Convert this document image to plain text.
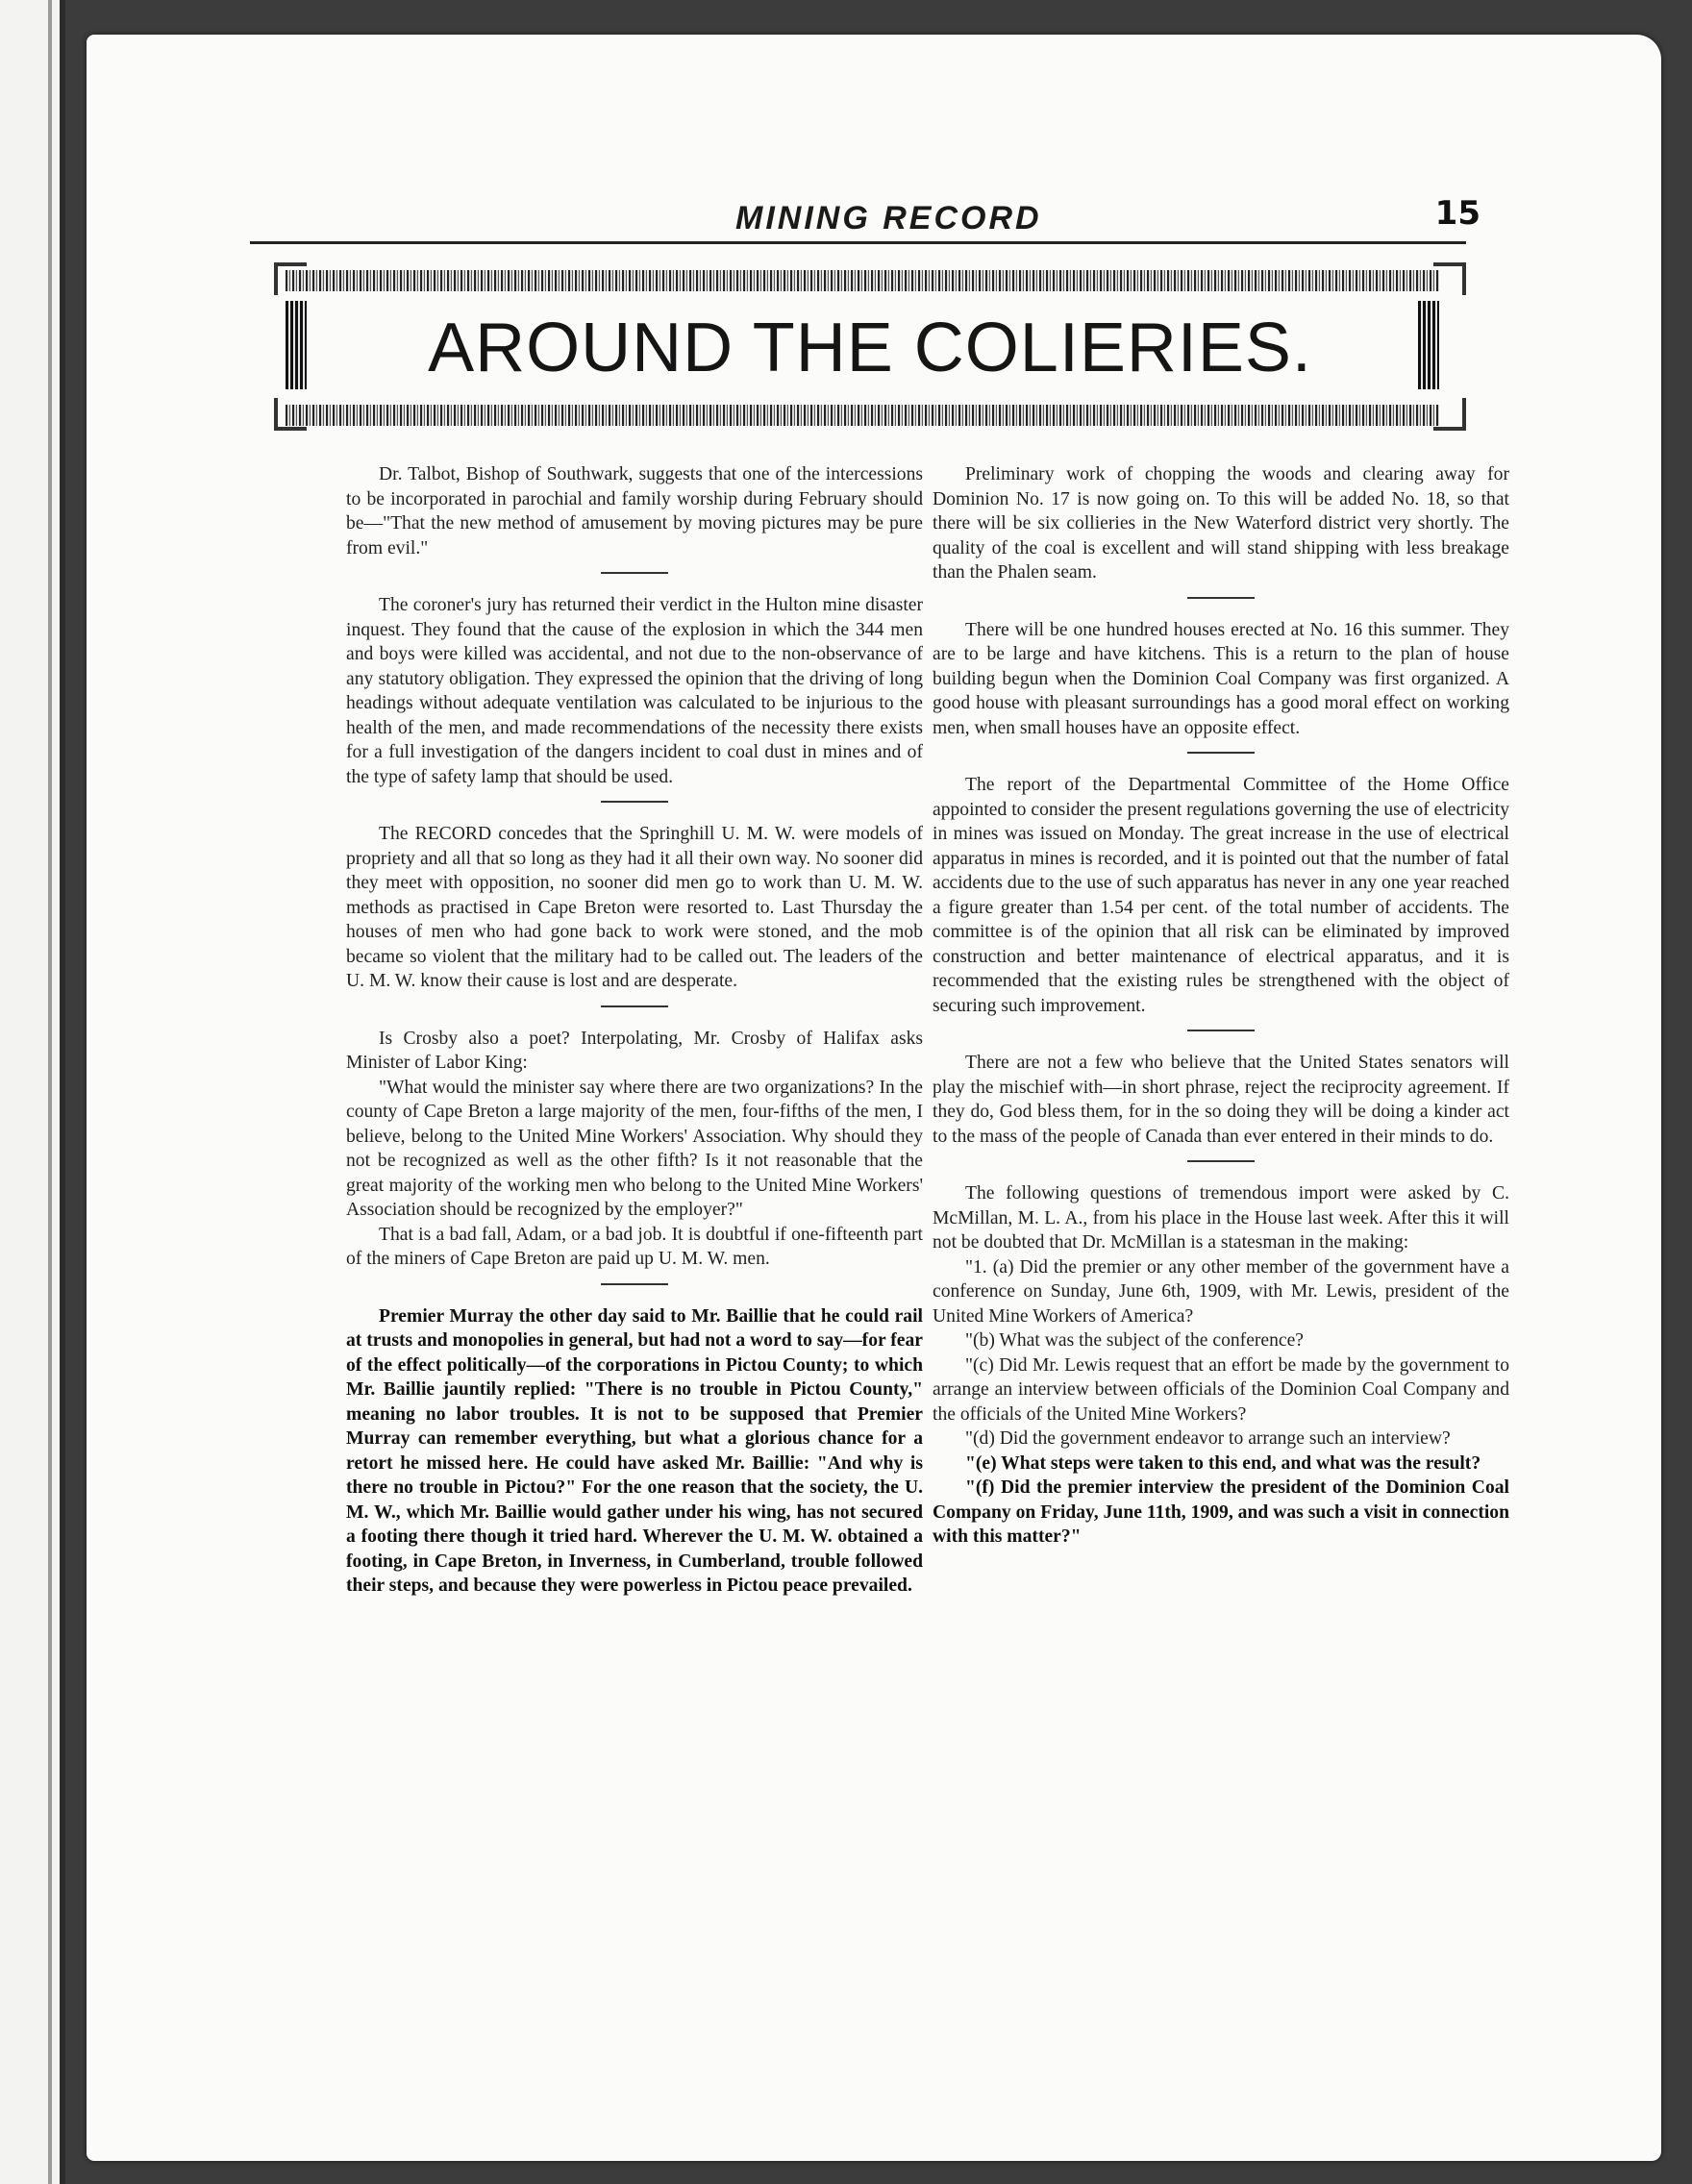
MINING RECORD	15
AROUND THE COLIERIES.

Dr. Talbot, Bishop of Southwark, suggests that one of the intercessions to be incorporated in parochial and family worship during February should be—"That the new method of amusement by moving pictures may be pure from evil."

The coroner's jury has returned their verdict in the Hulton mine disaster inquest. They found that the cause of the explosion in which the 344 men and boys were killed was accidental, and not due to the non-observance of any statutory obligation. They expressed the opinion that the driving of long headings without adequate ventilation was calculated to be injurious to the health of the men, and made recommendations of the necessity there exists for a full investigation of the dangers incident to coal dust in mines and of the type of safety lamp that should be used.

The RECORD concedes that the Springhill U. M. W. were models of propriety and all that so long as they had it all their own way. No sooner did they meet with opposition, no sooner did men go to work than U. M. W. methods as practised in Cape Breton were resorted to. Last Thursday the houses of men who had gone back to work were stoned, and the mob became so violent that the military had to be called out. The leaders of the U. M. W. know their cause is lost and are desperate.

Is Crosby also a poet? Interpolating, Mr. Crosby of Halifax asks Minister of Labor King:

"What would the minister say where there are two organizations? In the county of Cape Breton a large majority of the men, four-fifths of the men, I believe, belong to the United Mine Workers' Association. Why should they not be recognized as well as the other fifth? Is it not reasonable that the great majority of the working men who belong to the United Mine Workers' Association should be recognized by the employer?"

That is a bad fall, Adam, or a bad job. It is doubtful if one-fifteenth part of the miners of Cape Breton are paid up U. M. W. men.

Premier Murray the other day said to Mr. Baillie that he could rail at trusts and monopolies in general, but had not a word to say—for fear of the effect politically—of the corporations in Pictou County; to which Mr. Baillie jauntily replied: "There is no trouble in Pictou County," meaning no labor troubles. It is not to be supposed that Premier Murray can remember everything, but what a glorious chance for a retort he missed here. He could have asked Mr. Baillie: "And why is there no trouble in Pictou?" For the one reason that the society, the U. M. W., which Mr. Baillie would gather under his wing, has not secured a footing there though it tried hard. Wherever the U. M. W. obtained a footing, in Cape Breton, in Inverness, in Cumberland, trouble followed their steps, and because they were powerless in Pictou peace prevailed.

Preliminary work of chopping the woods and clearing away for Dominion No. 17 is now going on. To this will be added No. 18, so that there will be six collieries in the New Waterford district very shortly. The quality of the coal is excellent and will stand shipping with less breakage than the Phalen seam.

There will be one hundred houses erected at No. 16 this summer. They are to be large and have kitchens. This is a return to the plan of house building begun when the Dominion Coal Company was first organized. A good house with pleasant surroundings has a good moral effect on working men, when small houses have an opposite effect.

The report of the Departmental Committee of the Home Office appointed to consider the present regulations governing the use of electricity in mines was issued on Monday. The great increase in the use of electrical apparatus in mines is recorded, and it is pointed out that the number of fatal accidents due to the use of such apparatus has never in any one year reached a figure greater than 1.54 per cent. of the total number of accidents. The committee is of the opinion that all risk can be eliminated by improved construction and better maintenance of electrical apparatus, and it is recommended that the existing rules be strengthened with the object of securing such improvement.

There are not a few who believe that the United States senators will play the mischief with—in short phrase, reject the reciprocity agreement. If they do, God bless them, for in the so doing they will be doing a kinder act to the mass of the people of Canada than ever entered in their minds to do.

The following questions of tremendous import were asked by C. McMillan, M. L. A., from his place in the House last week. After this it will not be doubted that Dr. McMillan is a statesman in the making:

"1. (a) Did the premier or any other member of the government have a conference on Sunday, June 6th, 1909, with Mr. Lewis, president of the United Mine Workers of America?

"(b) What was the subject of the conference?

"(c) Did Mr. Lewis request that an effort be made by the government to arrange an interview between officials of the Dominion Coal Company and the officials of the United Mine Workers?

"(d) Did the government endeavor to arrange such an interview?

"(e) What steps were taken to this end, and what was the result?

"(f) Did the premier interview the president of the Dominion Coal Company on Friday, June 11th, 1909, and was such a visit in connection with this matter?"
